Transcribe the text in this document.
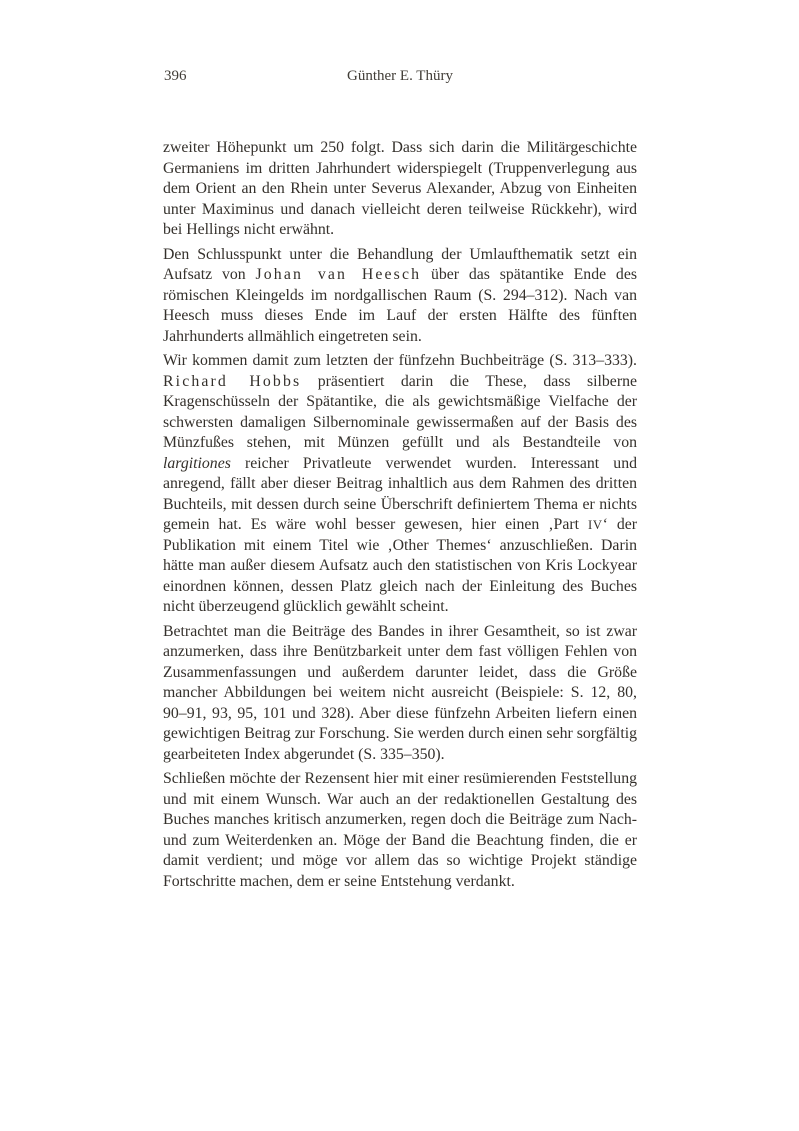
396	Günther E. Thüry

zweiter Höhepunkt um 250 folgt. Dass sich darin die Militärgeschichte Germaniens im dritten Jahrhundert widerspiegelt (Truppenverlegung aus dem Orient an den Rhein unter Severus Alexander, Abzug von Einheiten unter Maximinus und danach vielleicht deren teilweise Rückkehr), wird bei Hellings nicht erwähnt.

Den Schlusspunkt unter die Behandlung der Umlaufthematik setzt ein Aufsatz von Johan van Heesch über das spätantike Ende des römischen Kleingelds im nordgallischen Raum (S. 294–312). Nach van Heesch muss dieses Ende im Lauf der ersten Hälfte des fünften Jahrhunderts allmählich eingetreten sein.

Wir kommen damit zum letzten der fünfzehn Buchbeiträge (S. 313–333). Richard Hobbs präsentiert darin die These, dass silberne Kragenschüsseln der Spätantike, die als gewichtsmäßige Vielfache der schwersten damaligen Silbernominale gewissermaßen auf der Basis des Münzfußes stehen, mit Münzen gefüllt und als Bestandteile von largitiones reicher Privatleute verwendet wurden. Interessant und anregend, fällt aber dieser Beitrag inhaltlich aus dem Rahmen des dritten Buchteils, mit dessen durch seine Überschrift definiertem Thema er nichts gemein hat. Es wäre wohl besser gewesen, hier einen ‚Part IV‘ der Publikation mit einem Titel wie ‚Other Themes‘ anzuschließen. Darin hätte man außer diesem Aufsatz auch den statistischen von Kris Lockyear einordnen können, dessen Platz gleich nach der Einleitung des Buches nicht überzeugend glücklich gewählt scheint.

Betrachtet man die Beiträge des Bandes in ihrer Gesamtheit, so ist zwar anzumerken, dass ihre Benützbarkeit unter dem fast völligen Fehlen von Zusammenfassungen und außerdem darunter leidet, dass die Größe mancher Abbildungen bei weitem nicht ausreicht (Beispiele: S. 12, 80, 90–91, 93, 95, 101 und 328). Aber diese fünfzehn Arbeiten liefern einen gewichtigen Beitrag zur Forschung. Sie werden durch einen sehr sorgfältig gearbeiteten Index abgerundet (S. 335–350).

Schließen möchte der Rezensent hier mit einer resümierenden Feststellung und mit einem Wunsch. War auch an der redaktionellen Gestaltung des Buches manches kritisch anzumerken, regen doch die Beiträge zum Nach- und zum Weiterdenken an. Möge der Band die Beachtung finden, die er damit verdient; und möge vor allem das so wichtige Projekt ständige Fortschritte machen, dem er seine Entstehung verdankt.
